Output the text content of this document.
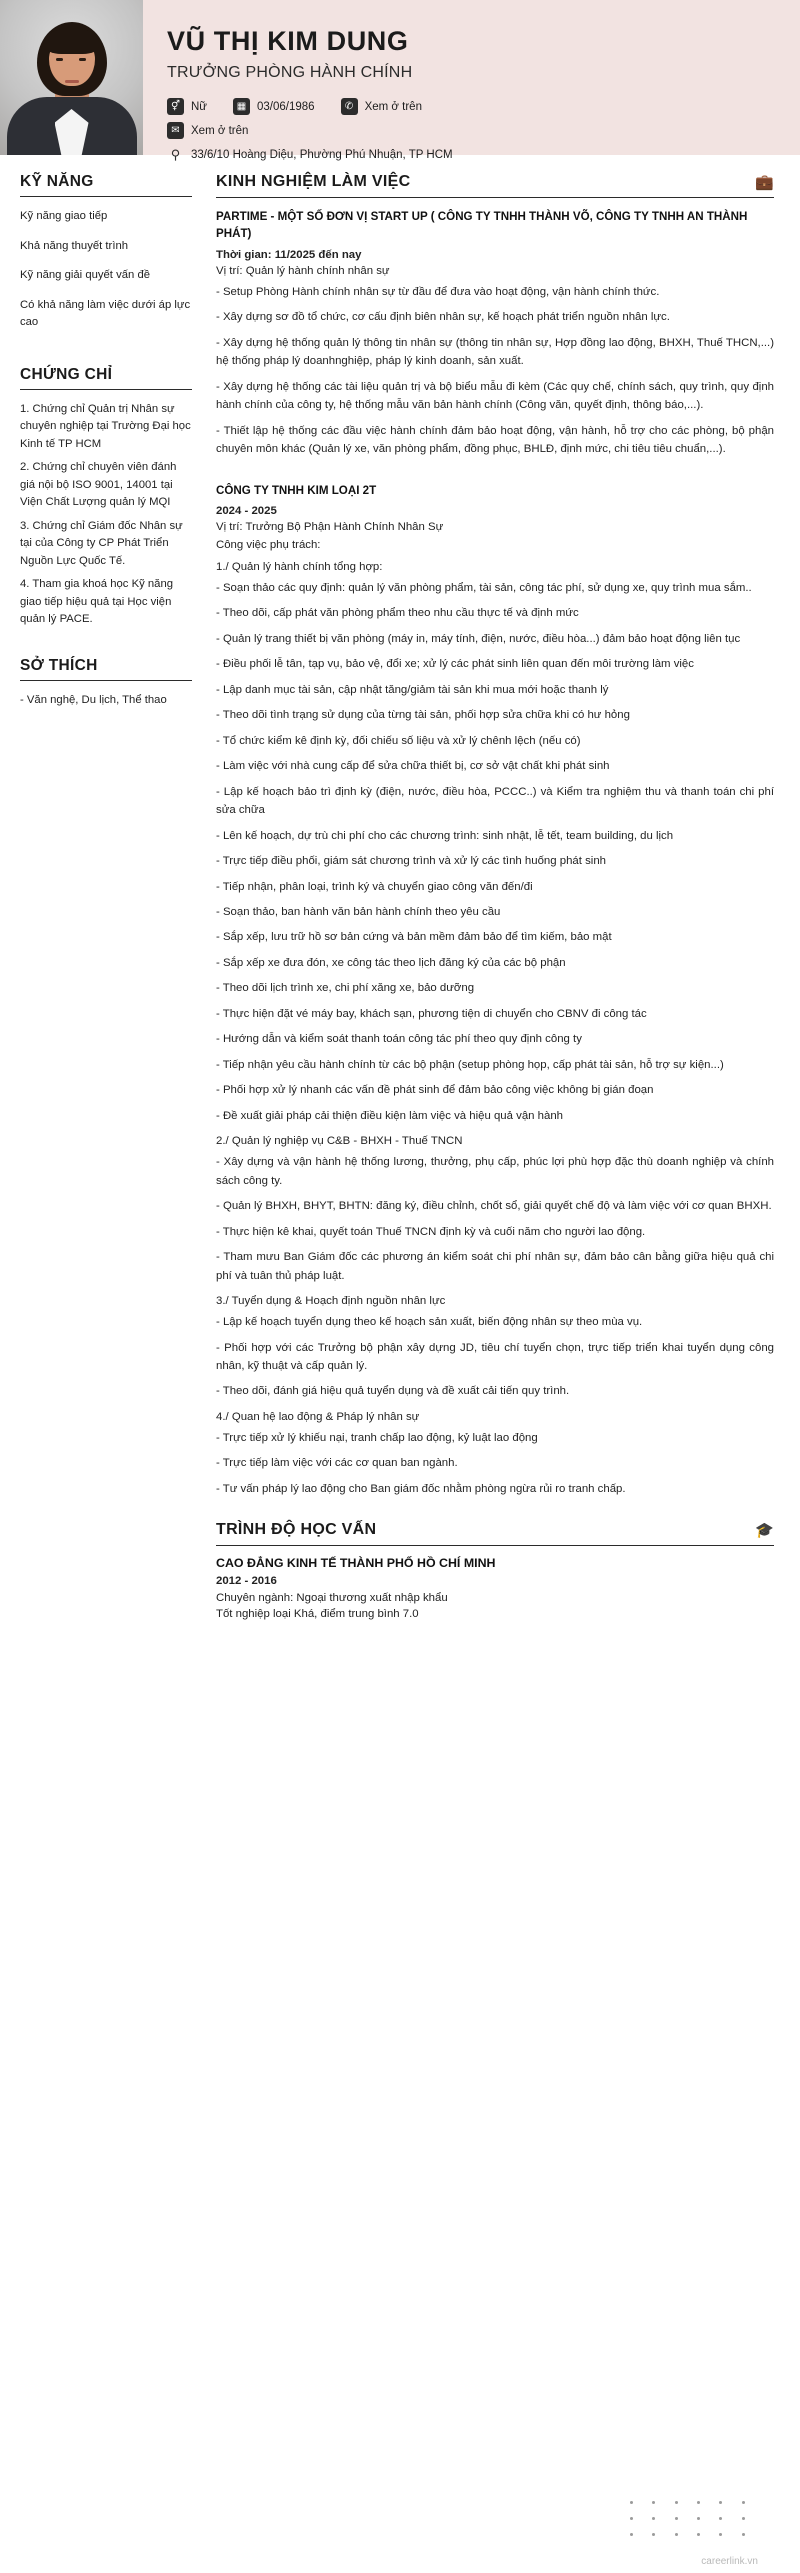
VŨ THỊ KIM DUNG
TRƯỞNG PHÒNG HÀNH CHÍNH
⚥ Nữ	▦ 03/06/1986	✆ Xem ở trên
✉ Xem ở trên
⚲ 33/6/10 Hoàng Diệu, Phường Phú Nhuận, TP HCM
KỸ NĂNG

Kỹ năng giao tiếp

Khả năng thuyết trình

Kỹ năng giải quyết vấn đề

Có khả năng làm việc dưới áp lực cao

CHỨNG CHỈ

1. Chứng chỉ Quản trị Nhân sự chuyên nghiệp tại Trường Đại học Kinh tế TP HCM

2. Chứng chỉ chuyên viên đánh giá nội bộ ISO 9001, 14001 tại Viện Chất Lượng quản lý MQI

3. Chứng chỉ Giám đốc Nhân sự tại của Công ty CP Phát Triển Nguồn Lực Quốc Tế.

4. Tham gia khoá học Kỹ năng giao tiếp hiệu quả tại Học viện quản lý PACE.

SỞ THÍCH

- Văn nghệ, Du lịch, Thể thao

KINH NGHIỆM LÀM VIỆC	💼
PARTIME - MỘT SỐ ĐƠN VỊ START UP ( CÔNG TY TNHH THÀNH VÕ, CÔNG TY TNHH AN THÀNH PHÁT)
Thời gian: 11/2025 đến nay
Vị trí: Quản lý hành chính nhân sự

- Setup Phòng Hành chính nhân sự từ đầu để đưa vào hoạt động, vận hành chính thức.

- Xây dựng sơ đồ tổ chức, cơ cấu định biên nhân sự, kế hoạch phát triển nguồn nhân lực.

- Xây dựng hệ thống quản lý thông tin nhân sự (thông tin nhân sự, Hợp đồng lao động, BHXH, Thuế THCN,...) hệ thống pháp lý doanhnghiệp, pháp lý kinh doanh, sản xuất.

- Xây dựng hệ thống các tài liệu quản trị và bộ biểu mẫu đi kèm (Các quy chế, chính sách, quy trình, quy định hành chính của công ty, hệ thống mẫu văn bản hành chính (Công văn, quyết định, thông báo,...).

- Thiết lập hệ thống các đầu việc hành chính đảm bảo hoạt động, vận hành, hỗ trợ cho các phòng, bộ phận chuyên môn khác (Quản lý xe, văn phòng phẩm, đồng phục, BHLĐ, định mức, chi tiêu tiêu chuẩn,...).

CÔNG TY TNHH KIM LOẠI 2T
2024 - 2025
Vị trí: Trưởng Bộ Phận Hành Chính Nhân Sự
Công việc phụ trách:
1./ Quản lý hành chính tổng hợp:

- Soạn thảo các quy định: quản lý văn phòng phẩm, tài sản, công tác phí, sử dụng xe, quy trình mua sắm..

- Theo dõi, cấp phát văn phòng phẩm theo nhu cầu thực tế và định mức

- Quản lý trang thiết bị văn phòng (máy in, máy tính, điện, nước, điều hòa...) đảm bảo hoạt động liên tục

- Điều phối lễ tân, tạp vụ, bảo vệ, đổi xe; xử lý các phát sinh liên quan đến môi trường làm việc

- Lập danh mục tài sản, cập nhật tăng/giảm tài sản khi mua mới hoặc thanh lý

- Theo dõi tình trạng sử dụng của từng tài sản, phối hợp sửa chữa khi có hư hỏng

- Tổ chức kiểm kê định kỳ, đối chiếu số liệu và xử lý chênh lệch (nếu có)

- Làm việc với nhà cung cấp để sửa chữa thiết bị, cơ sở vật chất khi phát sinh

- Lập kế hoạch bảo trì định kỳ (điện, nước, điều hòa, PCCC..) và Kiểm tra nghiệm thu và thanh toán chi phí sửa chữa

- Lên kế hoạch, dự trù chi phí cho các chương trình: sinh nhật, lễ tết, team building, du lịch

- Trực tiếp điều phối, giám sát chương trình và xử lý các tình huống phát sinh

- Tiếp nhận, phân loại, trình ký và chuyển giao công văn đến/đi

- Soạn thảo, ban hành văn bản hành chính theo yêu cầu

- Sắp xếp, lưu trữ hồ sơ bản cứng và bản mềm đảm bảo để tìm kiếm, bảo mật

- Sắp xếp xe đưa đón, xe công tác theo lịch đăng ký của các bộ phận

- Theo dõi lịch trình xe, chi phí xăng xe, bảo dưỡng

- Thực hiện đặt vé máy bay, khách sạn, phương tiện di chuyển cho CBNV đi công tác

- Hướng dẫn và kiểm soát thanh toán công tác phí theo quy định công ty

- Tiếp nhận yêu cầu hành chính từ các bộ phận (setup phòng họp, cấp phát tài sản, hỗ trợ sự kiện...)

- Phối hợp xử lý nhanh các vấn đề phát sinh để đảm bảo công việc không bị gián đoạn

- Đề xuất giải pháp cải thiện điều kiện làm việc và hiệu quả vận hành

2./ Quản lý nghiệp vụ C&B - BHXH - Thuế TNCN

- Xây dựng và vận hành hệ thống lương, thưởng, phụ cấp, phúc lợi phù hợp đặc thù doanh nghiệp và chính sách công ty.

- Quản lý BHXH, BHYT, BHTN: đăng ký, điều chỉnh, chốt sổ, giải quyết chế độ và làm việc với cơ quan BHXH.

- Thực hiện kê khai, quyết toán Thuế TNCN định kỳ và cuối năm cho người lao động.

- Tham mưu Ban Giám đốc các phương án kiểm soát chi phí nhân sự, đảm bảo cân bằng giữa hiệu quả chi phí và tuân thủ pháp luật.

3./ Tuyển dụng & Hoạch định nguồn nhân lực

- Lập kế hoạch tuyển dụng theo kế hoạch sản xuất, biến động nhân sự theo mùa vụ.

- Phối hợp với các Trưởng bộ phận xây dựng JD, tiêu chí tuyển chọn, trực tiếp triển khai tuyển dụng công nhân, kỹ thuật và cấp quản lý.

- Theo dõi, đánh giá hiệu quả tuyển dụng và đề xuất cải tiến quy trình.

4./ Quan hệ lao động & Pháp lý nhân sự

- Trực tiếp xử lý khiếu nại, tranh chấp lao động, kỷ luật lao động

- Trực tiếp làm việc với các cơ quan ban ngành.

- Tư vấn pháp lý lao động cho Ban giám đốc nhằm phòng ngừa rủi ro tranh chấp.

TRÌNH ĐỘ HỌC VẤN	🎓
CAO ĐẲNG KINH TẾ THÀNH PHỐ HỒ CHÍ MINH
2012 - 2016
Chuyên ngành: Ngoại thương xuất nhập khẩu
Tốt nghiệp loại Khá, điểm trung bình 7.0
careerlink.vn
